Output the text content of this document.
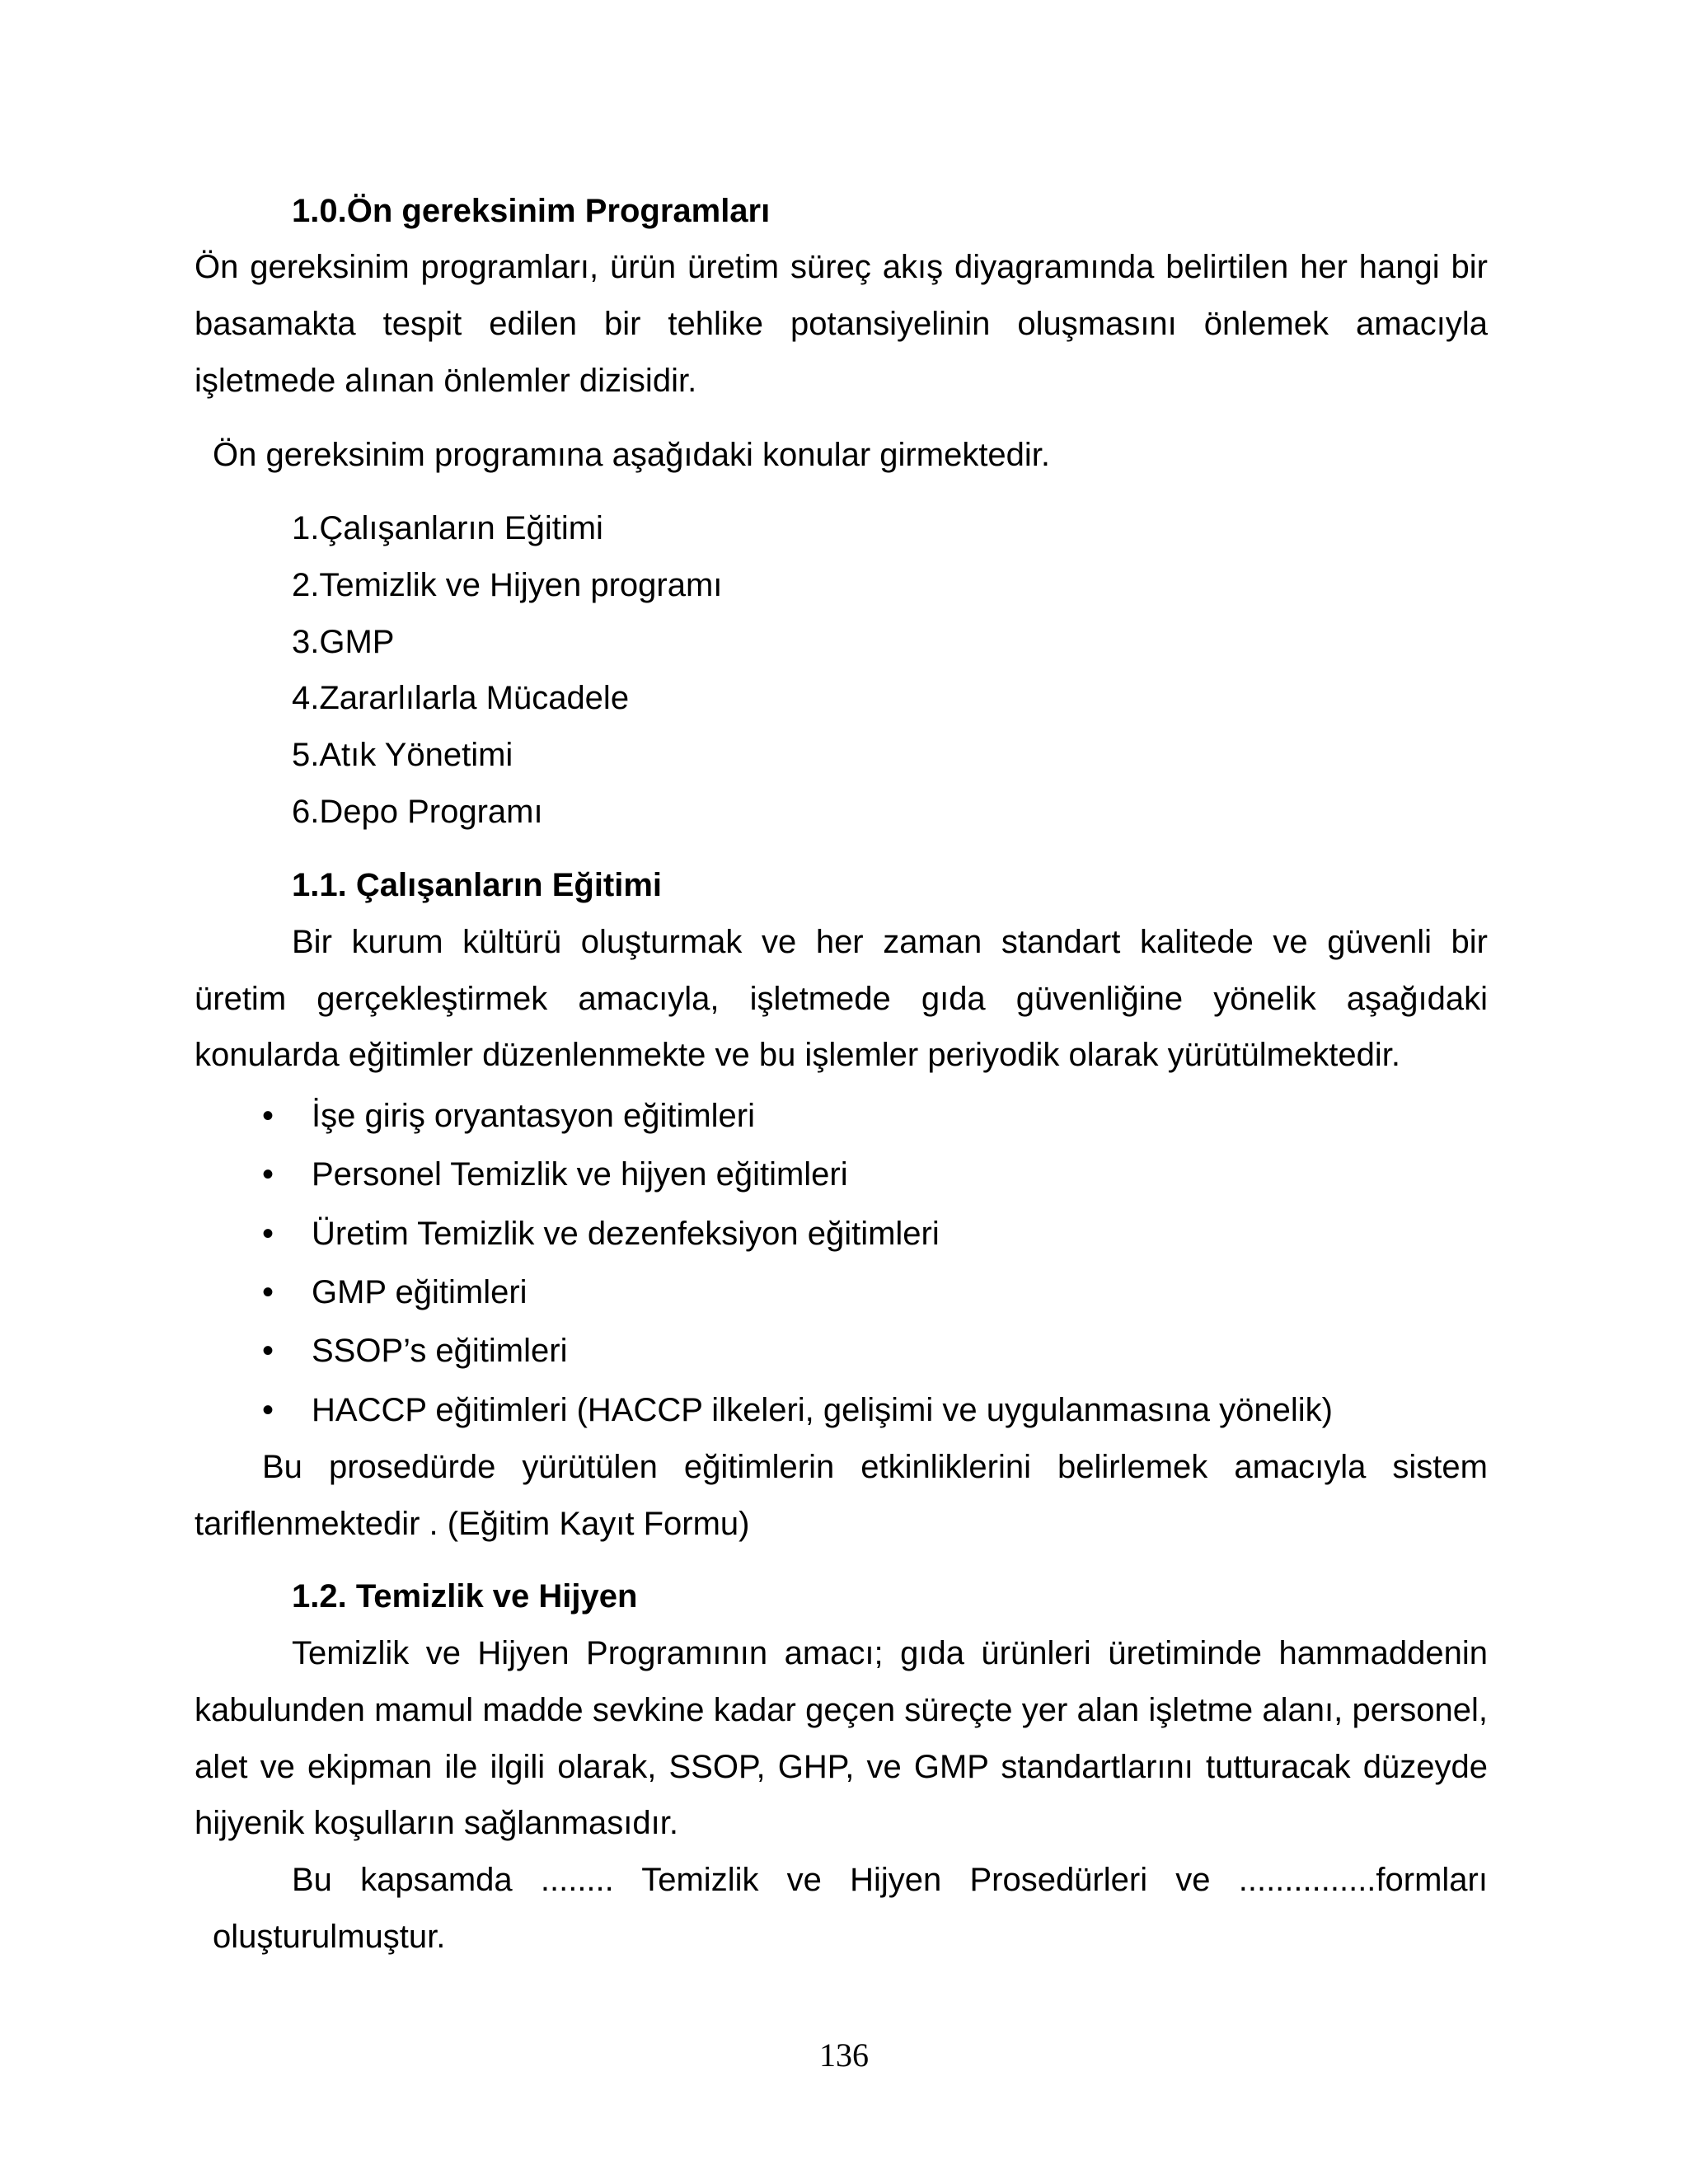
1.0.Ön gereksinim Programları
Ön gereksinim programları, ürün üretim süreç akış diyagramında belirtilen her hangi bir
basamakta tespit edilen bir tehlike potansiyelinin oluşmasını önlemek amacıyla
işletmede alınan önlemler dizisidir.
Ön gereksinim programına aşağıdaki konular girmektedir.
1.Çalışanların Eğitimi
2.Temizlik ve Hijyen programı
3.GMP
4.Zararlılarla Mücadele
5.Atık Yönetimi
6.Depo Programı
1.1. Çalışanların Eğitimi
Bir kurum kültürü oluşturmak ve her zaman standart kalitede ve güvenli bir
üretim gerçekleştirmek amacıyla, işletmede gıda güvenliğine yönelik aşağıdaki
konularda eğitimler düzenlenmekte ve bu işlemler periyodik olarak yürütülmektedir.
•	İşe giriş oryantasyon eğitimleri
•	Personel Temizlik ve hijyen eğitimleri
•	Üretim Temizlik ve dezenfeksiyon eğitimleri
•	GMP eğitimleri
•	SSOP’s eğitimleri
•	HACCP eğitimleri (HACCP ilkeleri, gelişimi ve uygulanmasına yönelik)
Bu prosedürde yürütülen eğitimlerin etkinliklerini belirlemek amacıyla sistem
tariflenmektedir . (Eğitim Kayıt Formu)
1.2. Temizlik ve Hijyen
Temizlik ve Hijyen Programının amacı; gıda ürünleri üretiminde hammaddenin
kabulunden mamul madde sevkine kadar geçen süreçte yer alan işletme alanı, personel,
alet ve ekipman ile ilgili olarak, SSOP, GHP, ve GMP standartlarını tutturacak düzeyde
hijyenik koşulların sağlanmasıdır.
Bu kapsamda ........ Temizlik ve Hijyen Prosedürleri ve ...............formları
oluşturulmuştur.
136
